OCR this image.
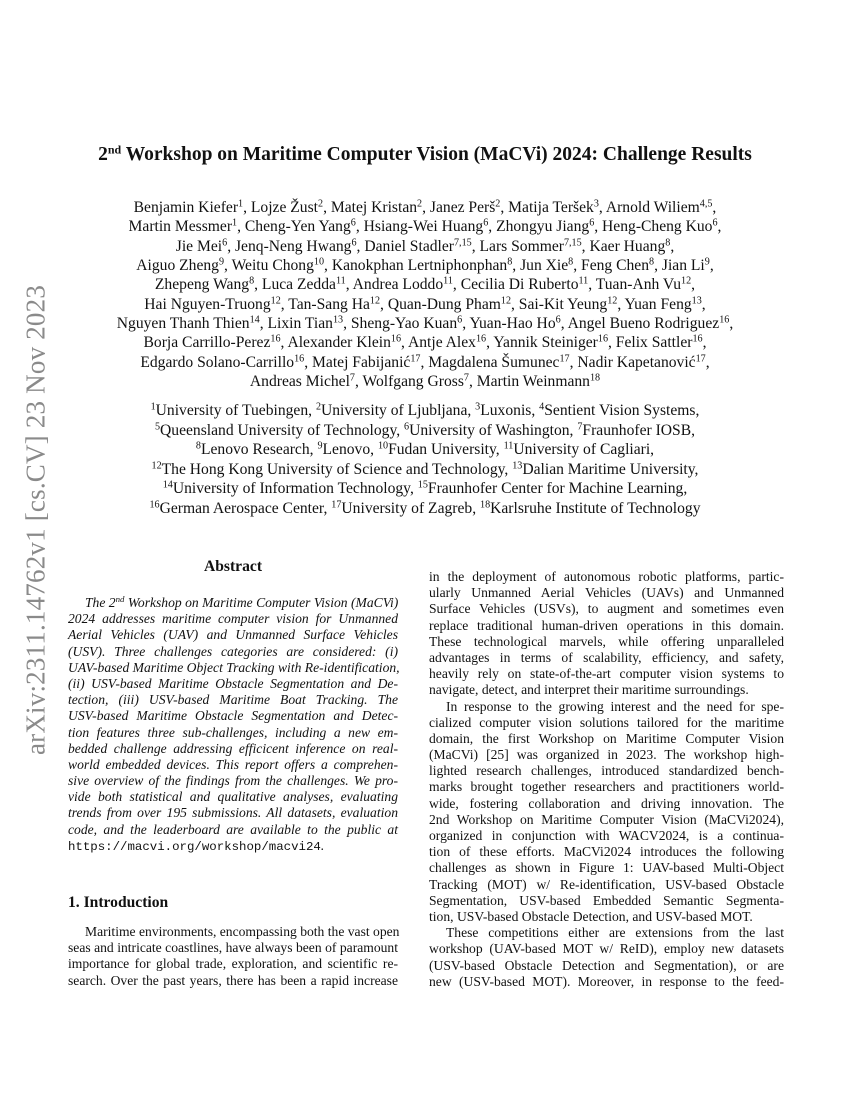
arXiv:2311.14762v1 [cs.CV] 23 Nov 2023
2nd Workshop on Maritime Computer Vision (MaCVi) 2024: Challenge Results
Benjamin Kiefer$^1$, Lojze Žust$^2$, Matej Kristan$^2$, Janez Perš$^2$, Matija Teršek$^3$, Arnold Wiliem$^{4,5}$,
Martin Messmer$^1$, Cheng-Yen Yang$^6$, Hsiang-Wei Huang$^6$, Zhongyu Jiang$^6$, Heng-Cheng Kuo$^6$,
Jie Mei$^6$, Jenq-Neng Hwang$^6$, Daniel Stadler$^{7,15}$, Lars Sommer$^{7,15}$, Kaer Huang$^8$,
Aiguo Zheng$^9$, Weitu Chong$^{10}$, Kanokphan Lertniphonphan$^8$, Jun Xie$^8$, Feng Chen$^8$, Jian Li$^9$,
Zhepeng Wang$^8$, Luca Zedda$^{11}$, Andrea Loddo$^{11}$, Cecilia Di Ruberto$^{11}$, Tuan-Anh Vu$^{12}$,
Hai Nguyen-Truong$^{12}$, Tan-Sang Ha$^{12}$, Quan-Dung Pham$^{12}$, Sai-Kit Yeung$^{12}$, Yuan Feng$^{13}$,
Nguyen Thanh Thien$^{14}$, Lixin Tian$^{13}$, Sheng-Yao Kuan$^6$, Yuan-Hao Ho$^6$, Angel Bueno Rodriguez$^{16}$,
Borja Carrillo-Perez$^{16}$, Alexander Klein$^{16}$, Antje Alex$^{16}$, Yannik Steiniger$^{16}$, Felix Sattler$^{16}$,
Edgardo Solano-Carrillo$^{16}$, Matej Fabijanić$^{17}$, Magdalena Šumunec$^{17}$, Nadir Kapetanović$^{17}$,
Andreas Michel$^7$, Wolfgang Gross$^7$, Martin Weinmann$^{18}$
$^1$University of Tuebingen, $^2$University of Ljubljana, $^3$Luxonis, $^4$Sentient Vision Systems,
$^5$Queensland University of Technology, $^6$University of Washington, $^7$Fraunhofer IOSB,
$^8$Lenovo Research, $^9$Lenovo, $^{10}$Fudan University, $^{11}$University of Cagliari,
$^{12}$The Hong Kong University of Science and Technology, $^{13}$Dalian Maritime University,
$^{14}$University of Information Technology, $^{15}$Fraunhofer Center for Machine Learning,
$^{16}$German Aerospace Center, $^{17}$University of Zagreb, $^{18}$Karlsruhe Institute of Technology
Abstract
The 2nd Workshop on Maritime Computer Vision (MaCVi)
2024 addresses maritime computer vision for Unmanned
Aerial Vehicles (UAV) and Unmanned Surface Vehicles
(USV). Three challenges categories are considered: (i)
UAV-based Maritime Object Tracking with Re-identification,
(ii) USV-based Maritime Obstacle Segmentation and De-
tection, (iii) USV-based Maritime Boat Tracking. The
USV-based Maritime Obstacle Segmentation and Detec-
tion features three sub-challenges, including a new em-
bedded challenge addressing efficicent inference on real-
world embedded devices. This report offers a comprehen-
sive overview of the findings from the challenges. We pro-
vide both statistical and qualitative analyses, evaluating
trends from over 195 submissions. All datasets, evaluation
code, and the leaderboard are available to the public at
https://macvi.org/workshop/macvi24.
1. Introduction
Maritime environments, encompassing both the vast open
seas and intricate coastlines, have always been of paramount
importance for global trade, exploration, and scientific re-
search. Over the past years, there has been a rapid increase
in the deployment of autonomous robotic platforms, partic-
ularly Unmanned Aerial Vehicles (UAVs) and Unmanned
Surface Vehicles (USVs), to augment and sometimes even
replace traditional human-driven operations in this domain.
These technological marvels, while offering unparalleled
advantages in terms of scalability, efficiency, and safety,
heavily rely on state-of-the-art computer vision systems to
navigate, detect, and interpret their maritime surroundings.
In response to the growing interest and the need for spe-
cialized computer vision solutions tailored for the maritime
domain, the first Workshop on Maritime Computer Vision
(MaCVi) [25] was organized in 2023. The workshop high-
lighted research challenges, introduced standardized bench-
marks brought together researchers and practitioners world-
wide, fostering collaboration and driving innovation. The
2nd Workshop on Maritime Computer Vision (MaCVi2024),
organized in conjunction with WACV2024, is a continua-
tion of these efforts. MaCVi2024 introduces the following
challenges as shown in Figure 1: UAV-based Multi-Object
Tracking (MOT) w/ Re-identification, USV-based Obstacle
Segmentation, USV-based Embedded Semantic Segmenta-
tion, USV-based Obstacle Detection, and USV-based MOT.
These competitions either are extensions from the last
workshop (UAV-based MOT w/ ReID), employ new datasets
(USV-based Obstacle Detection and Segmentation), or are
new (USV-based MOT). Moreover, in response to the feed-
